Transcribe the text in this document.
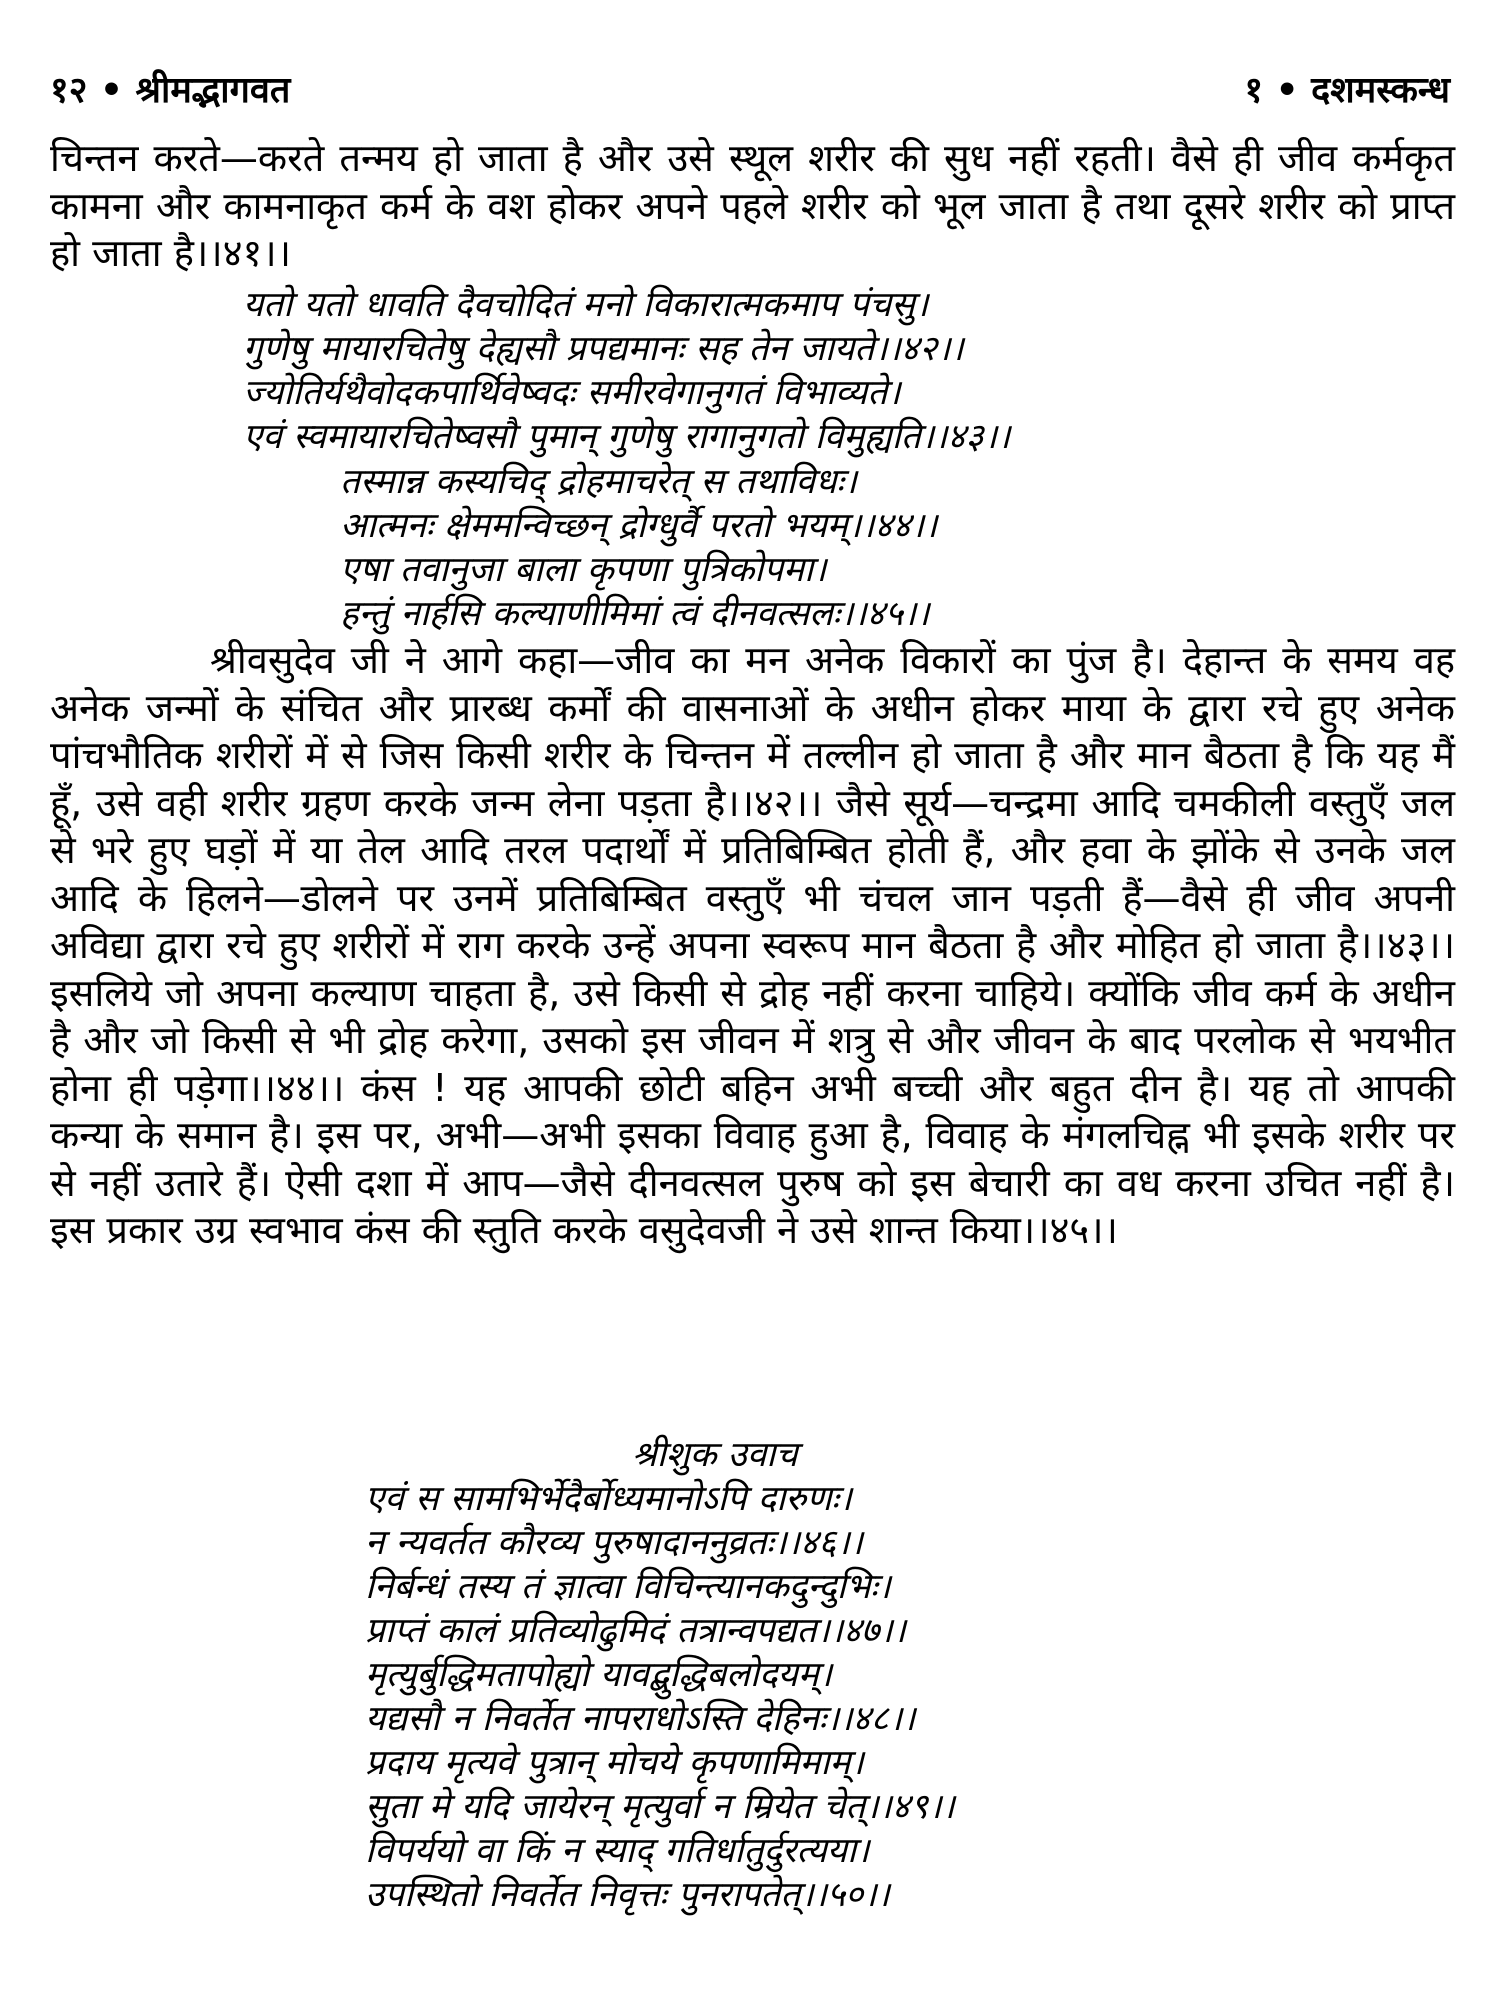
१२ • श्रीमद्भागवत	१ • दशमस्कन्ध

चिन्तन करते—करते तन्मय हो जाता है और उसे स्थूल शरीर की सुध नहीं रहती। वैसे ही जीव कर्मकृत कामना और कामनाकृत कर्म के वश होकर अपने पहले शरीर को भूल जाता है तथा दूसरे शरीर को प्राप्त हो जाता है।।४१।।

यतो यतो धावति दैवचोदितं मनो विकारात्मकमाप पंचसु।
गुणेषु मायारचितेषु देह्यसौ प्रपद्यमानः सह तेन जायते।।४२।।
ज्योतिर्यथैवोदकपार्थिवेष्वदः समीरवेगानुगतं विभाव्यते।
एवं स्वमायारचितेष्वसौ पुमान् गुणेषु रागानुगतो विमुह्यति।।४३।।
तस्मान्न कस्यचिद् द्रोहमाचरेत् स तथाविधः।
आत्मनः क्षेममन्विच्छन् द्रोग्धुर्वै परतो भयम्।।४४।।
एषा तवानुजा बाला कृपणा पुत्रिकोपमा।
हन्तुं नार्हसि कल्याणीमिमां त्वं दीनवत्सलः।।४५।।

श्रीवसुदेव जी ने आगे कहा—जीव का मन अनेक विकारों का पुंज है। देहान्त के समय वह अनेक जन्मों के संचित और प्रारब्ध कर्मों की वासनाओं के अधीन होकर माया के द्वारा रचे हुए अनेक पांचभौतिक शरीरों में से जिस किसी शरीर के चिन्तन में तल्लीन हो जाता है और मान बैठता है कि यह मैं हूँ, उसे वही शरीर ग्रहण करके जन्म लेना पड़ता है।।४२।। जैसे सूर्य—चन्द्रमा आदि चमकीली वस्तुएँ जल से भरे हुए घड़ों में या तेल आदि तरल पदार्थों में प्रतिबिम्बित होती हैं, और हवा के झोंके से उनके जल आदि के हिलने—डोलने पर उनमें प्रतिबिम्बित वस्तुएँ भी चंचल जान पड़ती हैं—वैसे ही जीव अपनी अविद्या द्वारा रचे हुए शरीरों में राग करके उन्हें अपना स्वरूप मान बैठता है और मोहित हो जाता है।।४३।। इसलिये जो अपना कल्याण चाहता है, उसे किसी से द्रोह नहीं करना चाहिये। क्योंकि जीव कर्म के अधीन है और जो किसी से भी द्रोह करेगा, उसको इस जीवन में शत्रु से और जीवन के बाद परलोक से भयभीत होना ही पड़ेगा।।४४।। कंस ! यह आपकी छोटी बहिन अभी बच्ची और बहुत दीन है। यह तो आपकी कन्या के समान है। इस पर, अभी—अभी इसका विवाह हुआ है, विवाह के मंगलचिह्न भी इसके शरीर पर से नहीं उतारे हैं। ऐसी दशा में आप—जैसे दीनवत्सल पुरुष को इस बेचारी का वध करना उचित नहीं है। इस प्रकार उग्र स्वभाव कंस की स्तुति करके वसुदेवजी ने उसे शान्त किया।।४५।।

श्रीशुक उवाच
एवं स सामभिर्भेदैर्बोध्यमानोऽपि दारुणः।
न न्यवर्तत कौरव्य पुरुषादाननुव्रतः।।४६।।
निर्बन्धं तस्य तं ज्ञात्वा विचिन्त्यानकदुन्दुभिः।
प्राप्तं कालं प्रतिव्योढुमिदं तत्रान्वपद्यत।।४७।।
मृत्युर्बुद्धिमतापोह्यो यावद्बुद्धिबलोदयम्।
यद्यसौ न निवर्तेत नापराधोऽस्ति देहिनः।।४८।।
प्रदाय मृत्यवे पुत्रान् मोचये कृपणामिमाम्।
सुता मे यदि जायेरन् मृत्युर्वा न म्रियेत चेत्।।४९।।
विपर्ययो वा किं न स्याद् गतिर्धातुर्दुरत्यया।
उपस्थितो निवर्तेत निवृत्तः पुनरापतेत्।।५०।।
